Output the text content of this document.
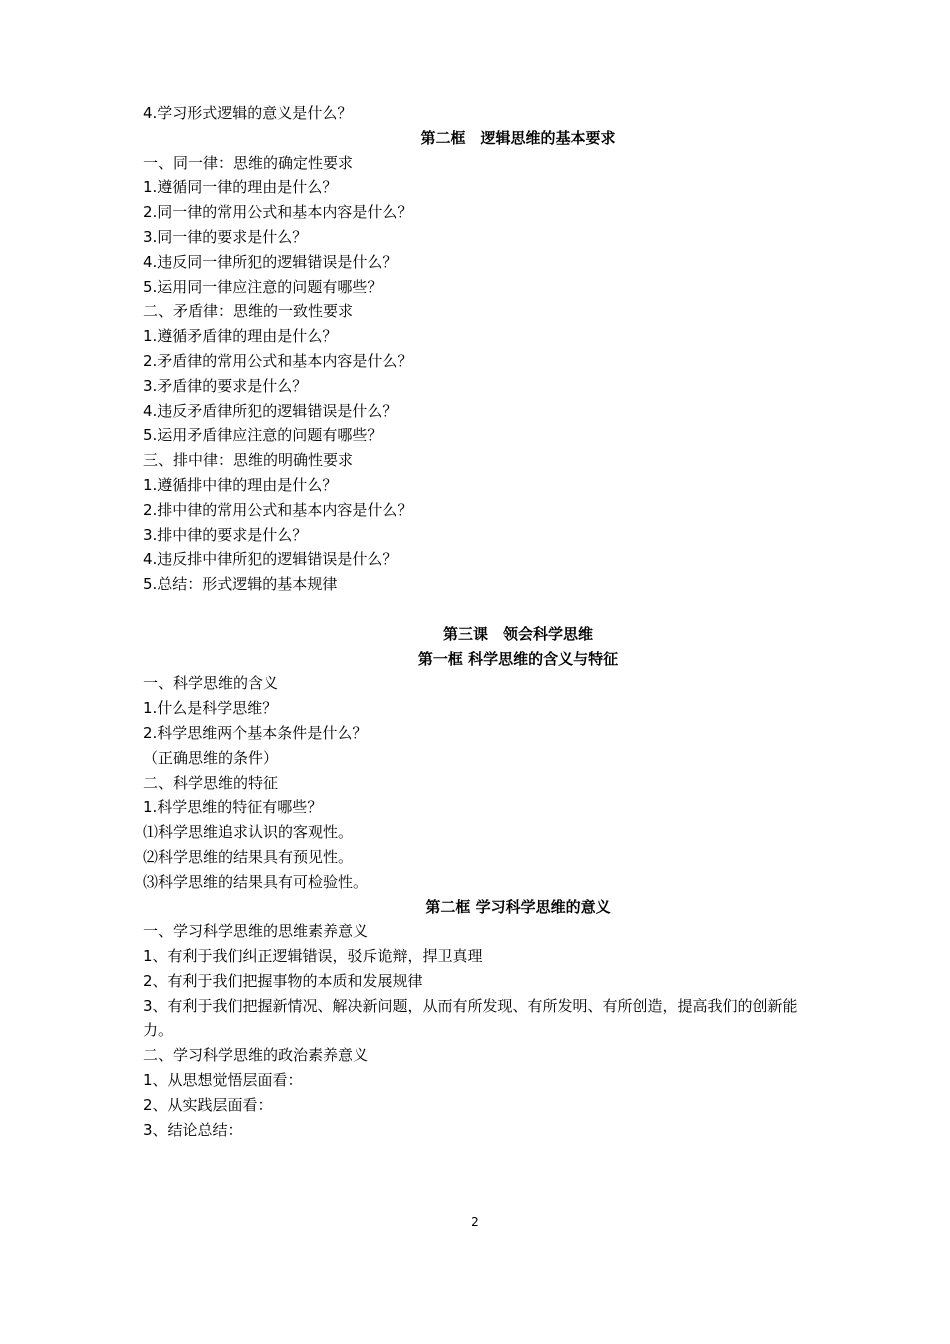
4.学习形式逻辑的意义是什么？
第二框　逻辑思维的基本要求
一、同一律：思维的确定性要求
1.遵循同一律的理由是什么？
2.同一律的常用公式和基本内容是什么？
3.同一律的要求是什么？
4.违反同一律所犯的逻辑错误是什么？
5.运用同一律应注意的问题有哪些？
二、矛盾律：思维的一致性要求
1.遵循矛盾律的理由是什么？
2.矛盾律的常用公式和基本内容是什么？
3.矛盾律的要求是什么？
4.违反矛盾律所犯的逻辑错误是什么？
5.运用矛盾律应注意的问题有哪些？
三、排中律：思维的明确性要求
1.遵循排中律的理由是什么？
2.排中律的常用公式和基本内容是什么？
3.排中律的要求是什么？
4.违反排中律所犯的逻辑错误是什么？
5.总结：形式逻辑的基本规律
第三课　领会科学思维
第一框 科学思维的含义与特征
一、科学思维的含义
1.什么是科学思维？
2.科学思维两个基本条件是什么？
（正确思维的条件）
二、科学思维的特征
1.科学思维的特征有哪些？
⑴科学思维追求认识的客观性。
⑵科学思维的结果具有预见性。
⑶科学思维的结果具有可检验性。
第二框 学习科学思维的意义
一、学习科学思维的思维素养意义
1、有利于我们纠正逻辑错误，驳斥诡辩，捍卫真理
2、有利于我们把握事物的本质和发展规律
3、有利于我们把握新情况、解决新问题，从而有所发现、有所发明、有所创造，提高我们的创新能力。
二、学习科学思维的政治素养意义
1、从思想觉悟层面看：
2、从实践层面看：
3、结论总结：
2
